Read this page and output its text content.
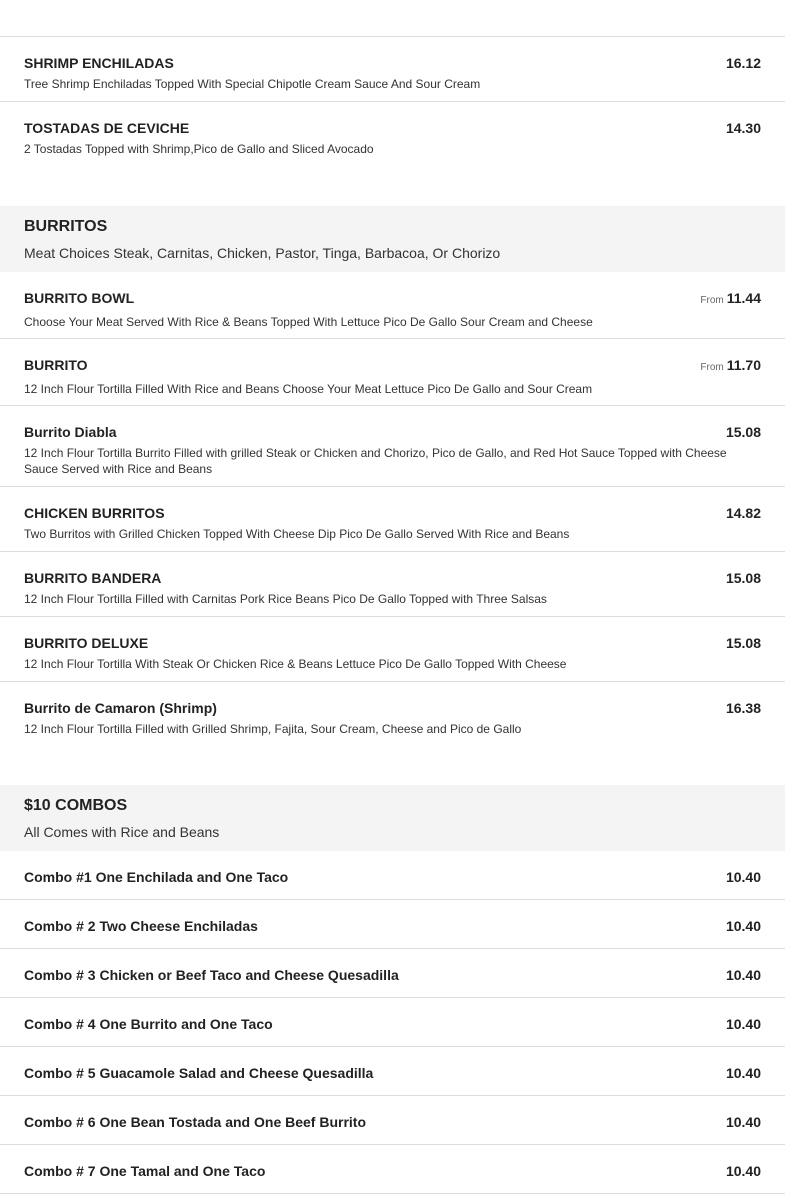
SHRIMP ENCHILADAS	16.12
Tree Shrimp Enchiladas Topped With Special Chipotle Cream Sauce And Sour Cream
TOSTADAS DE CEVICHE	14.30
2 Tostadas Topped with Shrimp,Pico de Gallo and Sliced Avocado
BURRITOS
Meat Choices Steak, Carnitas, Chicken, Pastor, Tinga, Barbacoa, Or Chorizo
BURRITO BOWL	From 11.44
Choose Your Meat Served With Rice & Beans Topped With Lettuce Pico De Gallo Sour Cream and Cheese
BURRITO	From 11.70
12 Inch Flour Tortilla Filled With Rice and Beans Choose Your Meat Lettuce Pico De Gallo and Sour Cream
Burrito Diabla	15.08
12 Inch Flour Tortilla Burrito Filled with grilled Steak or Chicken and Chorizo, Pico de Gallo, and Red Hot Sauce Topped with Cheese Sauce Served with Rice and Beans
CHICKEN BURRITOS	14.82
Two Burritos with Grilled Chicken Topped With Cheese Dip Pico De Gallo Served With Rice and Beans
BURRITO BANDERA	15.08
12 Inch Flour Tortilla Filled with Carnitas Pork Rice Beans Pico De Gallo Topped with Three Salsas
BURRITO DELUXE	15.08
12 Inch Flour Tortilla With Steak Or Chicken Rice & Beans Lettuce Pico De Gallo Topped With Cheese
Burrito de Camaron (Shrimp)	16.38
12 Inch Flour Tortilla Filled with Grilled Shrimp, Fajita, Sour Cream, Cheese and Pico de Gallo
$10 COMBOS
All Comes with Rice and Beans
Combo #1 One Enchilada and One Taco	10.40
Combo # 2 Two Cheese Enchiladas	10.40
Combo # 3 Chicken or Beef Taco and Cheese Quesadilla	10.40
Combo # 4 One Burrito and One Taco	10.40
Combo # 5 Guacamole Salad and Cheese Quesadilla	10.40
Combo # 6 One Bean Tostada and One Beef Burrito	10.40
Combo # 7 One Tamal and One Taco	10.40
